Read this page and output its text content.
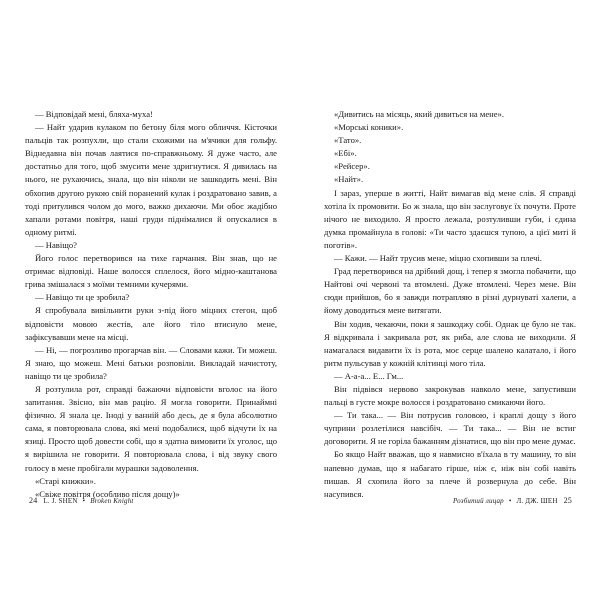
— Відповідай мені, бляха-муха!

— Найт ударив кулаком по бетону біля мого обличчя. Кісточки пальців так розпухли, що стали схожими на м'ячики для гольфу. Віднедавна він почав лаятися по-справжньому. Я дуже часто, але достатньо для того, щоб змусити мене здригнутися. Я дивилась на нього, не рухаючись, знала, що він ніколи не зашкодить мені. Він обхопив другою рукою свій поранений кулак і роздратовано завив, а тоді притулився чолом до мого, важко дихаючи. Ми обоє жадібно хапали ротами повітря, наші груди піднімалися й опускалися в одному ритмі.

— Навіщо?

Його голос перетворився на тихе гарчання. Він знав, що не отримає відповіді. Наше волосся сплелося, його мідно-каштанова грива змішалася з моїми темними кучерями.

— Навіщо ти це зробила?

Я спробувала вивільнити руки з-під його міцних стегон, щоб відповісти мовою жестів, але його тіло втиснуло мене, зафіксувавши мене на місці.

— Ні, — погрозливо прогарчав він. — Словами кажи. Ти можеш. Я знаю, що можеш. Мені батьки розповіли. Викладай начистоту, навіщо ти це зробила?

Я розтулила рот, справді бажаючи відповісти вголос на його запитання. Звісно, він мав рацію. Я могла говорити. Принаймні фізично. Я знала це. Іноді у ванній або десь, де я була абсолютно сама, я повторювала слова, які мені подобалися, щоб відчути їх на язиці. Просто щоб довести собі, що я здатна вимовити їх уголос, що я вирішила не говорити. Я повторювала слова, і від звуку свого голосу в мене пробігали мурашки задоволення.

«Старі книжки».

«Свіже повітря (особливо після дощу)»

24 L. J. SHEN • Broken Knight

«Дивитись на місяць, який дивиться на мене».

«Морські коники».

«Тато».

«Ебі».

«Рейсер».

«Найт».

І зараз, уперше в житті, Найт вимагав від мене слів. Я справді хотіла їх промовити. Бо ж знала, що він заслуговує їх почути. Проте нічого не виходило. Я просто лежала, розтуливши губи, і єдина думка промайнула в голові: «Ти часто здаєшся тупою, а цієї миті й поготів».

— Кажи. — Найт трусив мене, міцно схопивши за плечі.

Град перетворився на дрібний дощ, і тепер я змогла побачити, що Найтові очі червоні та втомлені. Дуже втомлені. Через мене. Він сюди прийшов, бо я завжди потрапляю в різні дурнуваті халепи, а йому доводиться мене витягати.

Він ходив, чекаючи, поки я зашкоджу собі. Однак це було не так. Я відкривала і закривала рот, як риба, але слова не виходили. Я намагалася видавити їх із рота, моє серце шалено калатало, і його ритм пульсував у кожній клітинці мого тіла.

— А-а-а... Е... Гм...

Він підвівся нервово закрокував навколо мене, запустивши пальці в густе мокре волосся і роздратовано смикаючи його.

— Ти така... — Він потрусив головою, і краплі дощу з його чуприни розлетілися навсібіч. — Ти така... — Він не встиг договорити. Я не горіла бажанням дізнатися, що він про мене думає.

Бо якщо Найт вважав, що я навмисно в'їхала в ту машину, то він напевно думав, що я набагато гірше, ніж є, ніж він собі навіть пишав. Я схопила його за плече й розвернула до себе. Він насупився.

Розбитий лицар • Л. ДЖ. ШЕН 25
